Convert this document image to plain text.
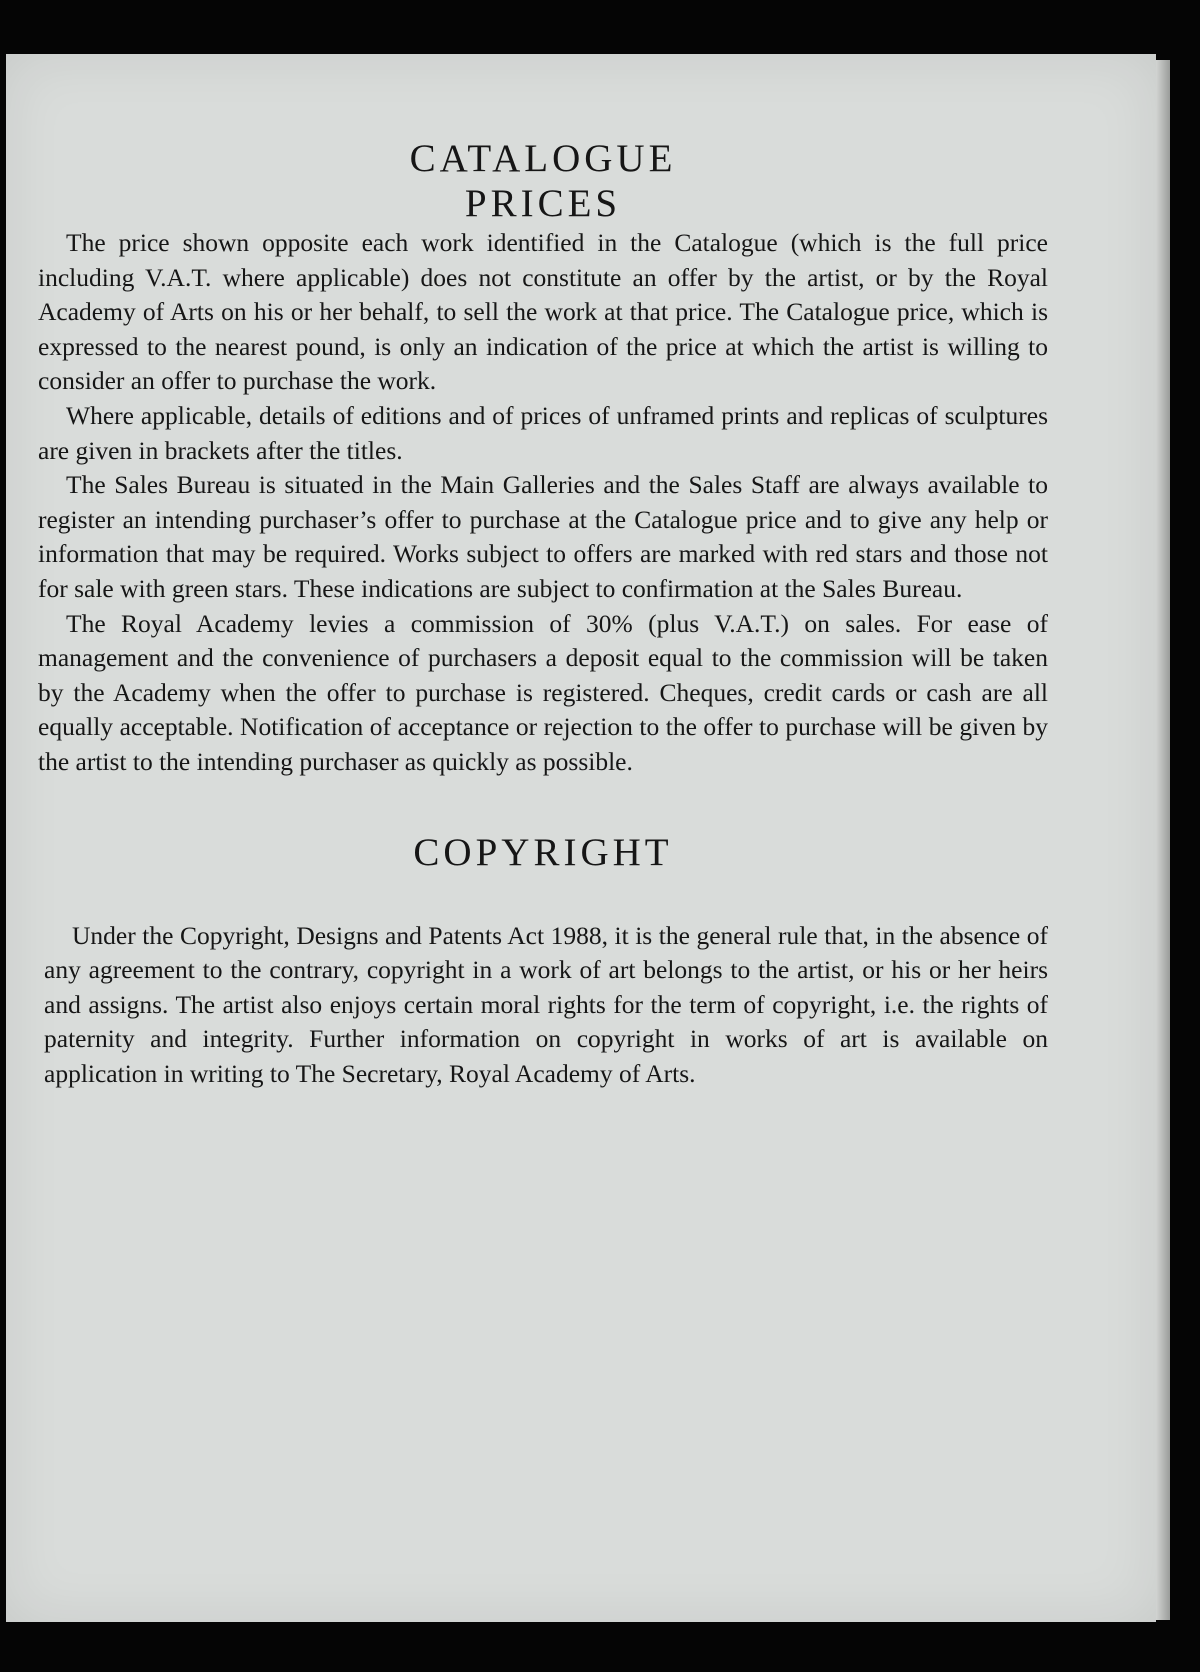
CATALOGUE
PRICES

The price shown opposite each work identified in the Catalogue (which is the full price including V.A.T. where applicable) does not constitute an offer by the artist, or by the Royal Academy of Arts on his or her behalf, to sell the work at that price. The Catalogue price, which is expressed to the nearest pound, is only an indication of the price at which the artist is willing to consider an offer to purchase the work.

Where applicable, details of editions and of prices of unframed prints and replicas of sculptures are given in brackets after the titles.

The Sales Bureau is situated in the Main Galleries and the Sales Staff are always available to register an intending purchaser’s offer to purchase at the Catalogue price and to give any help or information that may be required. Works subject to offers are marked with red stars and those not for sale with green stars. These indications are subject to confirmation at the Sales Bureau.

The Royal Academy levies a commission of 30% (plus V.A.T.) on sales. For ease of management and the convenience of purchasers a deposit equal to the commission will be taken by the Academy when the offer to purchase is registered. Cheques, credit cards or cash are all equally acceptable. Notification of acceptance or rejection to the offer to purchase will be given by the artist to the intending purchaser as quickly as possible.

COPYRIGHT

Under the Copyright, Designs and Patents Act 1988, it is the general rule that, in the absence of any agreement to the contrary, copyright in a work of art belongs to the artist, or his or her heirs and assigns. The artist also enjoys certain moral rights for the term of copyright, i.e. the rights of paternity and integrity. Further information on copyright in works of art is available on application in writing to The Secretary, Royal Academy of Arts.
